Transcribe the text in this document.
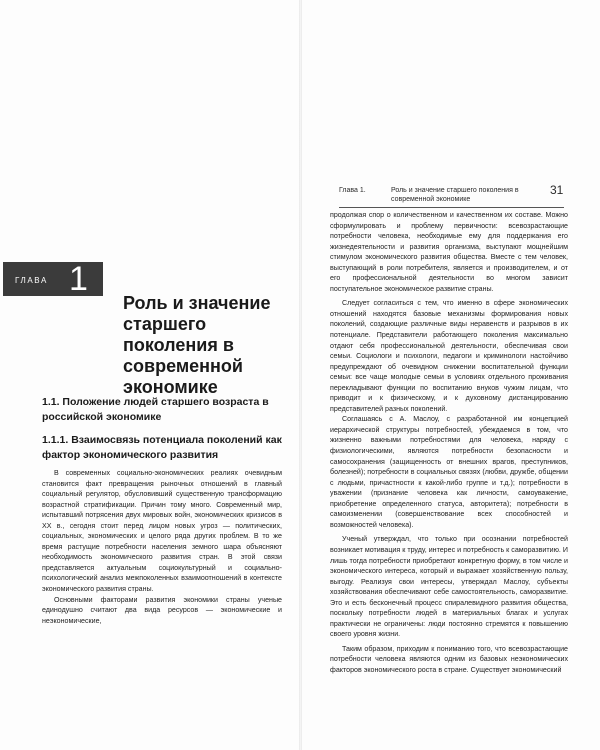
ГЛАВА 1
Роль и значение старшего поколения в современной экономике
1.1. Положение людей старшего возраста в российской экономике
1.1.1. Взаимосвязь потенциала поколений как фактор экономического развития

В современных социально-экономических реалиях очевидным становится факт превращения рыночных отношений в главный социальный регулятор, обусловивший существенную трансформацию возрастной стратификации. Причин тому много. Современный мир, испытавший потрясения двух мировых войн, экономических кризисов в XX в., сегодня стоит перед лицом новых угроз — политических, социальных, экономических и целого ряда других проблем. В то же время растущие потребности населения земного шара объясняют необходимость экономического развития стран. В этой связи представляется актуальным социокультурный и социально-психологический анализ межпоколенных взаимоотношений в контексте экономического развития страны.

Основными факторами развития экономики страны ученые единодушно считают два вида ресурсов — экономические и неэкономические,

Глава 1.	Роль и значение старшего поколения в современной экономике
31

продолжая спор о количественном и качественном их составе. Можно сформулировать и проблему первичности: всевозрастающие потребности человека, необходимые ему для поддержания его жизнедеятельности и развития организма, выступают мощнейшим стимулом экономического развития общества. Вместе с тем человек, выступающий в роли потребителя, является и производителем, и от его профессиональной деятельности во многом зависит поступательное экономическое развитие страны.

Следует согласиться с тем, что именно в сфере экономических отношений находятся базовые механизмы формирования новых поколений, создающие различные виды неравенств и разрывов в их потенциале. Представители работающего поколения максимально отдают себя профессиональной деятельности, обеспечивая свои семьи. Социологи и психологи, педагоги и криминологи настойчиво предупреждают об очевидном снижении воспитательной функции семьи: все чаще молодые семьи в условиях отдельного проживания перекладывают функции по воспитанию внуков чужим лицам, что приводит и к физическому, и к духовному дистанцированию представителей разных поколений.

Соглашаясь с А. Маслоу, с разработанной им концепцией иерархической структуры потребностей, убеждаемся в том, что жизненно важными потребностями для человека, наряду с физиологическими, являются потребности безопасности и самосохранения (защищенность от внешних врагов, преступников, болезней); потребности в социальных связях (любви, дружбе, общении с людьми, причастности к какой-либо группе и т.д.); потребности в уважении (признание человека как личности, самоуважение, приобретение определенного статуса, авторитета); потребности в самоизменении (совершенствование всех способностей и возможностей человека).

Ученый утверждал, что только при осознании потребностей возникает мотивация к труду, интерес и потребность к саморазвитию. И лишь тогда потребности приобретают конкретную форму, в том числе и экономического интереса, который и выражает хозяйственную пользу, выгоду. Реализуя свои интересы, утверждал Маслоу, субъекты хозяйствования обеспечивают себе самостоятельность, саморазвитие. Это и есть бесконечный процесс спиралевидного развития общества, поскольку потребности людей в материальных благах и услугах практически не ограничены: люди постоянно стремятся к повышению своего уровня жизни.

Таким образом, приходим к пониманию того, что всевозрастающие потребности человека являются одним из базовых неэкономических факторов экономического роста в стране. Существует экономический
